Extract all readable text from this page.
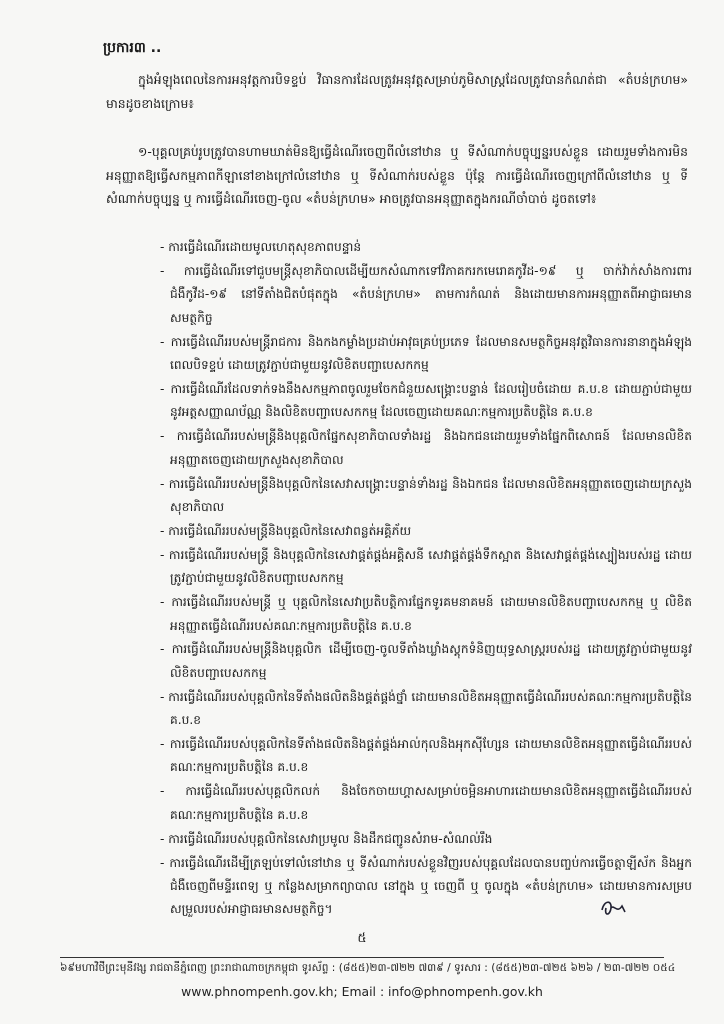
ប្រការ៣ ..
ក្នុងអំឡុងពេលនៃការអនុវត្តការបិទខ្ទប់ វិធានការដែលត្រូវអនុវត្តសម្រាប់ភូមិសាស្រ្តដែលត្រូវបានកំណត់ជា «តំបន់ក្រហម» មានដូចខាងក្រោម៖
១-បុគ្គលគ្រប់រូបត្រូវបានហាមឃាត់មិនឱ្យធ្វើដំណើរចេញពីលំនៅឋាន ឬ ទីសំណាក់បច្ចុប្បន្នរបស់ខ្លួន ដោយរួមទាំងការមិនអនុញ្ញាតឱ្យធ្វើសកម្មភាពកីឡានៅខាងក្រៅលំនៅឋាន ឬ ទីសំណាក់របស់ខ្លួន ប៉ុន្តែ ការធ្វើដំណើរចេញក្រៅពីលំនៅឋាន ឬ ទីសំណាក់បច្ចុប្បន្ន ឬ ការធ្វើដំណើរចេញ-ចូល «តំបន់ក្រហម» អាចត្រូវបានអនុញ្ញាតក្នុងករណីចាំបាច់ ដូចតទៅ៖
- ការធ្វើដំណើរដោយមូលហេតុសុខភាពបន្ទាន់
- ការធ្វើដំណើរទៅជួបមន្ត្រីសុខាភិបាលដើម្បីយកសំណាកទៅវិភាគករកមេរោគកូវីដ-១៩ ឬ ចាក់វ៉ាក់សាំងការពារជំងឺកូវីដ-១៩ នៅទីតាំងជិតបំផុតក្នុង «តំបន់ក្រហម» តាមការកំណត់ និងដោយមានការអនុញ្ញាតពីអាជ្ញាធរមានសមត្ថកិច្ច
- ការធ្វើដំណើររបស់មន្ត្រីរាជការ និងកងកម្លាំងប្រដាប់អាវុធគ្រប់ប្រភេទ ដែលមានសមត្ថកិច្ចអនុវត្តវិធានការនានាក្នុងអំឡុងពេលបិទខ្ទប់ ដោយត្រូវភ្ជាប់ជាមួយនូវលិខិតបញ្ជាបេសកកម្ម
- ការធ្វើដំណើរដែលទាក់ទងនឹងសកម្មភាពចូលរួមចែកជំនួយសង្គ្រោះបន្ទាន់ ដែលរៀបចំដោយ គ.ប.ខ ដោយភ្ជាប់ជាមួយនូវអត្តសញ្ញាណប័ណ្ណ និងលិខិតបញ្ជាបេសកកម្ម ដែលចេញដោយគណៈកម្មការប្រតិបត្តិនៃ គ.ប.ខ
- ការធ្វើដំណើររបស់មន្ត្រីនិងបុគ្គលិកផ្នែកសុខាភិបាលទាំងរដ្ឋ និងឯកជនដោយរួមទាំងផ្នែកពិសោធន៍ ដែលមានលិខិតអនុញ្ញាតចេញដោយក្រសួងសុខាភិបាល
- ការធ្វើដំណើររបស់មន្ត្រីនិងបុគ្គលិកនៃសេវាសង្គ្រោះបន្ទាន់ទាំងរដ្ឋ និងឯកជន ដែលមានលិខិតអនុញ្ញាតចេញដោយក្រសួងសុខាភិបាល
- ការធ្វើដំណើររបស់មន្ត្រីនិងបុគ្គលិកនៃសេវាពន្លត់អគ្គិភ័យ
- ការធ្វើដំណើររបស់មន្ត្រី និងបុគ្គលិកនៃសេវាផ្គត់ផ្គង់អគ្គិសនី សេវាផ្គត់ផ្គង់ទឹកស្អាត និងសេវាផ្គត់ផ្គង់ស្បៀងរបស់រដ្ឋ ដោយត្រូវភ្ជាប់ជាមួយនូវលិខិតបញ្ជាបេសកកម្ម
- ការធ្វើដំណើររបស់មន្ត្រី ឬ បុគ្គលិកនៃសេវាប្រតិបត្តិការផ្នែកទូរគមនាគមន៍ ដោយមានលិខិតបញ្ជាបេសកកម្ម ឬ លិខិតអនុញ្ញាតធ្វើដំណើររបស់គណៈកម្មការប្រតិបត្តិនៃ គ.ប.ខ
- ការធ្វើដំណើររបស់មន្ត្រីនិងបុគ្គលិក ដើម្បីចេញ-ចូលទីតាំងឃ្លាំងស្តុកទំនិញយុទ្ធសាស្ត្ររបស់រដ្ឋ ដោយត្រូវភ្ជាប់ជាមួយនូវលិខិតបញ្ជាបេសកកម្ម
- ការធ្វើដំណើររបស់បុគ្គលិកនៃទីតាំងផលិតនិងផ្គត់ផ្គង់ថ្នាំ ដោយមានលិខិតអនុញ្ញាតធ្វើដំណើររបស់គណៈកម្មការប្រតិបត្តិនៃ គ.ប.ខ
- ការធ្វើដំណើររបស់បុគ្គលិកនៃទីតាំងផលិតនិងផ្គត់ផ្គង់អាល់កុលនិងអុកស៊ីហ្សែន ដោយមានលិខិតអនុញ្ញាតធ្វើដំណើររបស់គណៈកម្មការប្រតិបត្តិនៃ គ.ប.ខ
- ការធ្វើដំណើររបស់បុគ្គលិកលក់ និងចែកចាយហ្គាសសម្រាប់ចម្អិនអាហារដោយមានលិខិតអនុញ្ញាតធ្វើដំណើររបស់គណៈកម្មការប្រតិបត្តិនៃ គ.ប.ខ
- ការធ្វើដំណើររបស់បុគ្គលិកនៃសេវាប្រមូល និងដឹកជញ្ជូនសំរាម-សំណល់រឹង
- ការធ្វើដំណើរដើម្បីត្រឡប់ទៅលំនៅឋាន ឬ ទីសំណាក់របស់ខ្លួនវិញរបស់បុគ្គលដែលបានបញ្ចប់ការធ្វើចត្តាឡីស័ក និងអ្នកជំងឺចេញពីមន្ទីរពេទ្យ ឬ កន្លែងសម្រាកព្យាបាល នៅក្នុង ឬ ចេញពី ឬ ចូលក្នុង «តំបន់ក្រហម» ដោយមានការសម្របសម្រួលរបស់អាជ្ញាធរមានសមត្ថកិច្ច។
៥
៦៩មហាវិថីព្រះមុនីវង្ស រាជធានីភ្នំពេញ ព្រះរាជាណាចក្រកម្ពុជា ទូរស័ព្ទ : (៨៥៥)២៣-៧២២ ៧៣៩ / ទូរសារ : (៨៥៥)២៣-៧២៥ ៦២៦ / ២៣-៧២២ ០៥៤
www.phnompenh.gov.kh; Email : info@phnompenh.gov.kh
